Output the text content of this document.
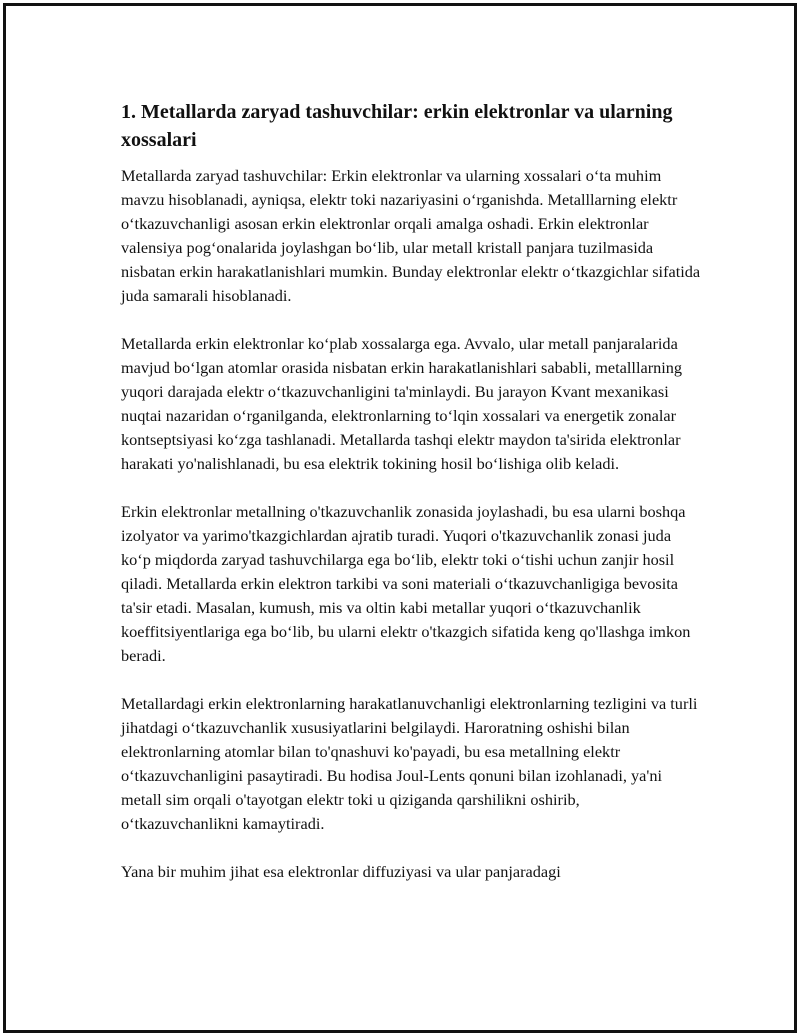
1. Metallarda zaryad tashuvchilar: erkin elektronlar va ularning xossalari

Metallarda zaryad tashuvchilar: Erkin elektronlar va ularning xossalari o‘ta muhim mavzu hisoblanadi, ayniqsa, elektr toki nazariyasini o‘rganishda. Metalllarning elektr o‘tkazuvchanligi asosan erkin elektronlar orqali amalga oshadi. Erkin elektronlar valensiya pog‘onalarida joylashgan bo‘lib, ular metall kristall panjara tuzilmasida nisbatan erkin harakatlanishlari mumkin. Bunday elektronlar elektr o‘tkazgichlar sifatida juda samarali hisoblanadi.

Metallarda erkin elektronlar ko‘plab xossalarga ega. Avvalo, ular metall panjaralarida mavjud bo‘lgan atomlar orasida nisbatan erkin harakatlanishlari sababli, metalllarning yuqori darajada elektr o‘tkazuvchanligini ta'minlaydi. Bu jarayon Kvant mexanikasi nuqtai nazaridan o‘rganilganda, elektronlarning to‘lqin xossalari va energetik zonalar kontseptsiyasi ko‘zga tashlanadi. Metallarda tashqi elektr maydon ta'sirida elektronlar harakati yo'nalishlanadi, bu esa elektrik tokining hosil bo‘lishiga olib keladi.

Erkin elektronlar metallning o'tkazuvchanlik zonasida joylashadi, bu esa ularni boshqa izolyator va yarimo'tkazgichlardan ajratib turadi. Yuqori o'tkazuvchanlik zonasi juda ko‘p miqdorda zaryad tashuvchilarga ega bo‘lib, elektr toki o‘tishi uchun zanjir hosil qiladi. Metallarda erkin elektron tarkibi va soni materiali o‘tkazuvchanligiga bevosita ta'sir etadi. Masalan, kumush, mis va oltin kabi metallar yuqori o‘tkazuvchanlik koeffitsiyentlariga ega bo‘lib, bu ularni elektr o'tkazgich sifatida keng qo'llashga imkon beradi.

Metallardagi erkin elektronlarning harakatlanuvchanligi elektronlarning tezligini va turli jihatdagi o‘tkazuvchanlik xususiyatlarini belgilaydi. Haroratning oshishi bilan elektronlarning atomlar bilan to'qnashuvi ko'payadi, bu esa metallning elektr o‘tkazuvchanligini pasaytiradi. Bu hodisa Joul-Lents qonuni bilan izohlanadi, ya'ni metall sim orqali o'tayotgan elektr toki u qiziganda qarshilikni oshirib, o‘tkazuvchanlikni kamaytiradi.

Yana bir muhim jihat esa elektronlar diffuziyasi va ular panjaradagi
